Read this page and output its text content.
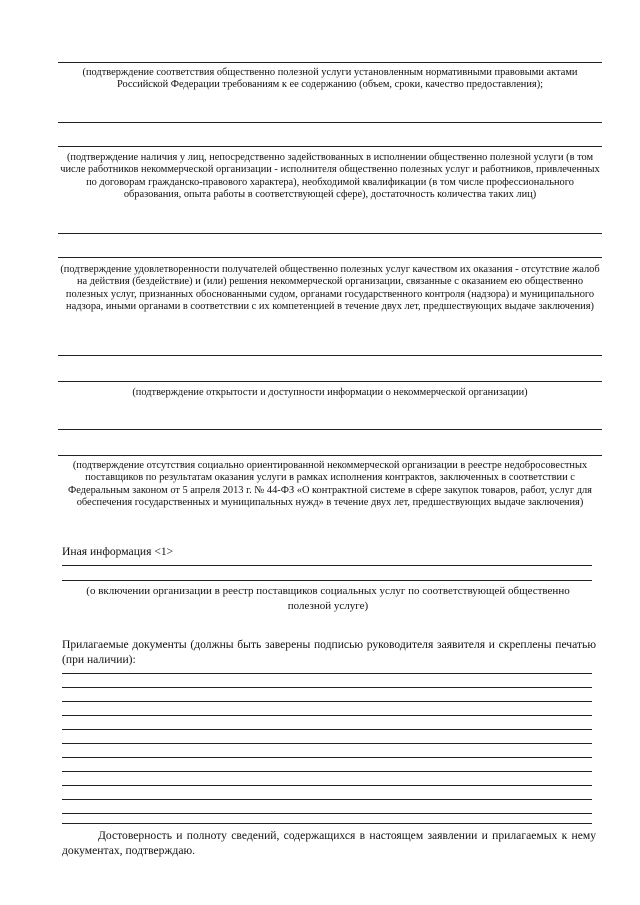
(подтверждение соответствия общественно полезной услуги установленным нормативными правовыми актами Российской Федерации требованиям к ее содержанию (объем, сроки, качество предоставления);
(подтверждение наличия у лиц, непосредственно задействованных в исполнении общественно полезной услуги (в том числе работников некоммерческой организации - исполнителя общественно полезных услуг и работников, привлеченных по договорам гражданско-правового характера), необходимой квалификации (в том числе профессионального образования, опыта работы в соответствующей сфере), достаточность количества таких лиц)
(подтверждение удовлетворенности получателей общественно полезных услуг качеством их оказания - отсутствие жалоб на действия (бездействие) и (или) решения некоммерческой организации, связанные с оказанием ею общественно полезных услуг, признанных обоснованными судом, органами государственного контроля (надзора) и муниципального надзора, иными органами в соответствии с их компетенцией в течение двух лет, предшествующих выдаче заключения)
(подтверждение открытости и доступности информации о некоммерческой организации)
(подтверждение отсутствия социально ориентированной некоммерческой организации в реестре недобросовестных поставщиков по результатам оказания услуги в рамках исполнения контрактов, заключенных в соответствии с Федеральным законом от 5 апреля 2013 г. № 44-ФЗ «О контрактной системе в сфере закупок товаров, работ, услуг для обеспечения государственных и муниципальных нужд» в течение двух лет, предшествующих выдаче заключения)
Иная информация <1>
(о включении организации в реестр поставщиков социальных услуг по соответствующей общественно полезной услуге)
Прилагаемые документы (должны быть заверены подписью руководителя заявителя и скреплены печатью (при наличии):
Достоверность и полноту сведений, содержащихся в настоящем заявлении и прилагаемых к нему документах, подтверждаю.
